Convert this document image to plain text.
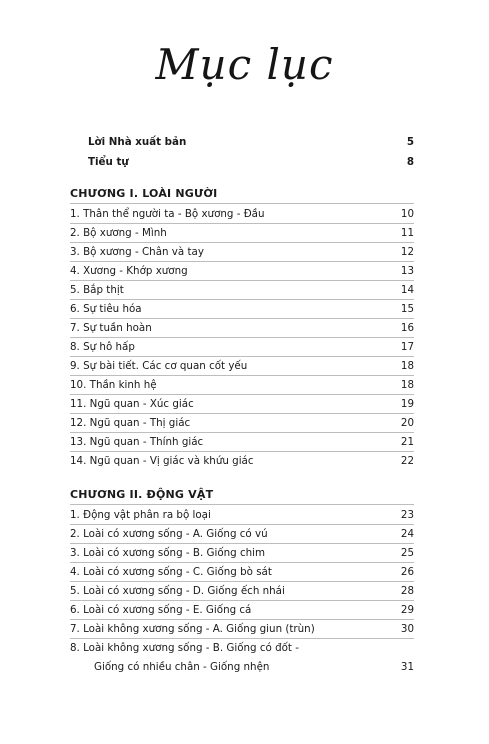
Mục lục
Lời Nhà xuất bản	5
Tiểu tự	8
CHƯƠNG I. LOÀI NGƯỜI
1. Thân thể người ta - Bộ xương - Đầu	10
2. Bộ xương - Mình	11
3. Bộ xương - Chân và tay	12
4. Xương - Khớp xương	13
5. Bắp thịt	14
6. Sự tiêu hóa	15
7. Sự tuần hoàn	16
8. Sự hô hấp	17
9. Sự bài tiết. Các cơ quan cốt yếu	18
10. Thần kinh hệ	18
11. Ngũ quan - Xúc giác	19
12. Ngũ quan - Thị giác	20
13. Ngũ quan - Thính giác	21
14. Ngũ quan - Vị giác và khứu giác	22
CHƯƠNG II. ĐỘNG VẬT
1. Động vật phân ra bộ loại	23
2. Loài có xương sống - A. Giống có vú	24
3. Loài có xương sống - B. Giống chim	25
4. Loài có xương sống - C. Giống bò sát	26
5. Loài có xương sống - D. Giống ếch nhái	28
6. Loài có xương sống - E. Giống cá	29
7. Loài không xương sống - A. Giống giun (trùn)	30
8. Loài không xương sống - B. Giống có đốt -
Giống có nhiều chân - Giống nhện	31
